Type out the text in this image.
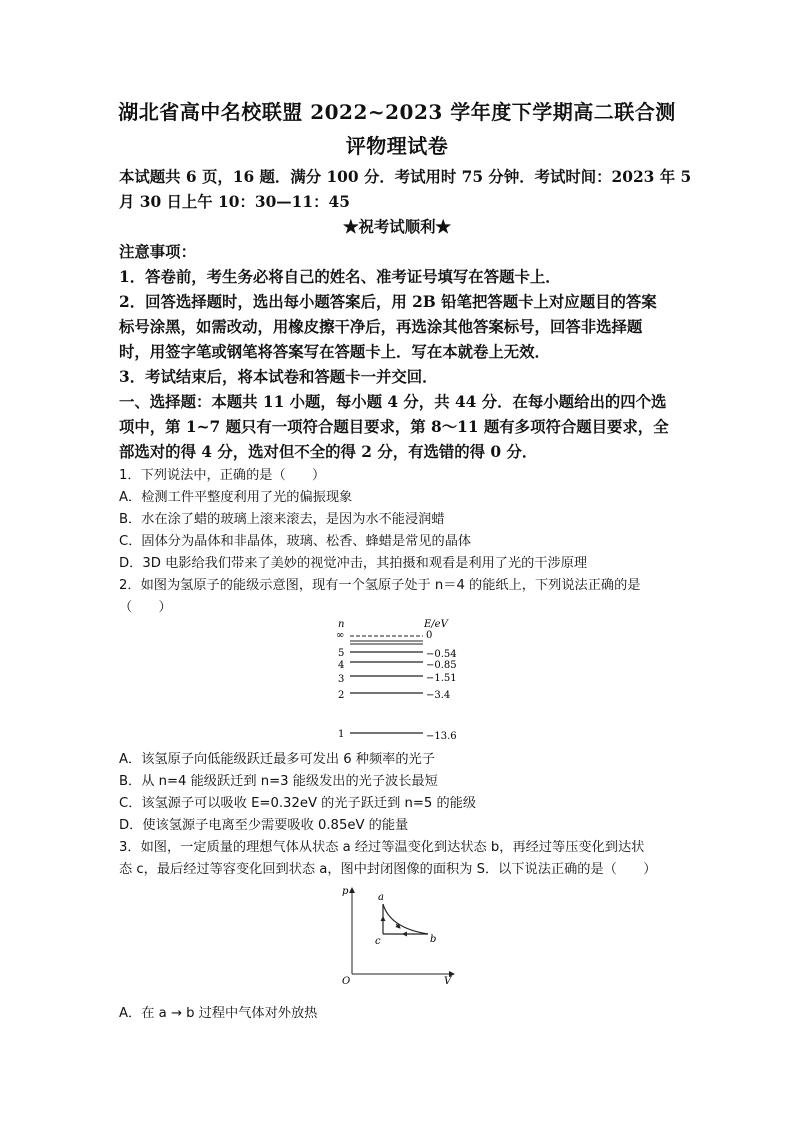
湖北省高中名校联盟 2022~2023 学年度下学期高二联合测
评物理试卷
本试题共 6 页，16 题．满分 100 分．考试用时 75 分钟．考试时间：2023 年 5
月 30 日上午 10：30—11：45
★祝考试顺利★
注意事项：
1．答卷前，考生务必将自己的姓名、准考证号填写在答题卡上．
2．回答选择题时，选出每小题答案后，用 2B 铅笔把答题卡上对应题目的答案
标号涂黑，如需改动，用橡皮擦干净后，再选涂其他答案标号，回答非选择题
时，用签字笔或钢笔将答案写在答题卡上．写在本就卷上无效．
3．考试结束后，将本试卷和答题卡一并交回．
一、选择题：本题共 11 小题，每小题 4 分，共 44 分．在每小题给出的四个选
项中，第 1~7 题只有一项符合题目要求，第 8～11 题有多项符合题目要求，全
部选对的得 4 分，选对但不全的得 2 分，有选错的得 0 分．
1．下列说法中，正确的是（　　）
A．检测工件平整度利用了光的偏振现象
B．水在涂了蜡的玻璃上滚来滚去，是因为水不能浸润蜡
C．固体分为晶体和非晶体，玻璃、松香、蜂蜡是常见的晶体
D．3D 电影给我们带来了美妙的视觉冲击，其拍摄和观看是利用了光的干涉原理
2．如图为氢原子的能级示意图，现有一个氢原子处于 n＝4 的能纸上，下列说法正确的是
（　　）
n	E/eV
∞	0
5	−0.54
4	−0.85
3	−1.51
2	−3.4
1	−13.6
A．该氢原子向低能级跃迁最多可发出 6 种频率的光子
B．从 n=4 能级跃迁到 n=3 能级发出的光子波长最短
C．该氢源子可以吸收 E=0.32eV 的光子跃迁到 n=5 的能级
D．使该氢源子电离至少需要吸收 0.85eV 的能量
3．如图，一定质量的理想气体从状态 a 经过等温变化到达状态 b，再经过等压变化到达状
态 c，最后经过等容变化回到状态 a，图中封闭图像的面积为 S．以下说法正确的是（　　）
p
V
O
a
b
c
A．在 a → b 过程中气体对外放热
